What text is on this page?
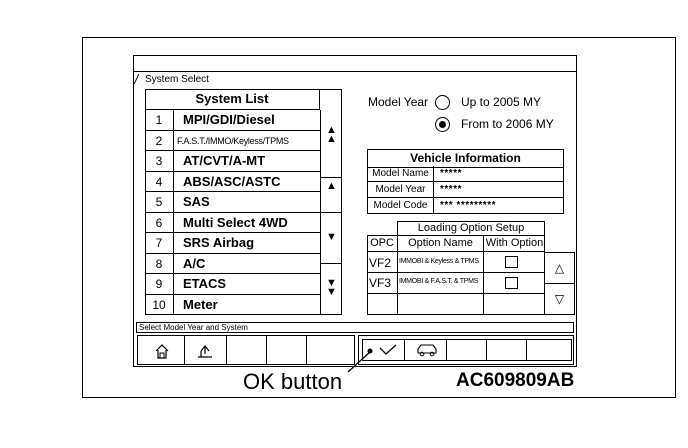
System Select
System List
1	MPI/GDI/Diesel
2	F.A.S.T./IMMO/Keyless/TPMS
3	AT/CVT/A-MT
4	ABS/ASC/ASTC
5	SAS
6	Multi Select 4WD
7	SRS Airbag
8	A/C
9	ETACS
10	Meter
▲
▲
▲
▼
▼
▼
Model Year	Up to 2005 MY
From to 2006 MY
Vehicle Information
Model Name	*****
Model Year	*****
Model Code	*** *********
Loading Option Setup
OPC	Option Name	With Option
VF2 IMMOBI & Keyless & TPMS
VF3 IMMOBI & F.A.S.T. & TPMS
△
▽
Select Model Year and System
OK button	AC609809AB
